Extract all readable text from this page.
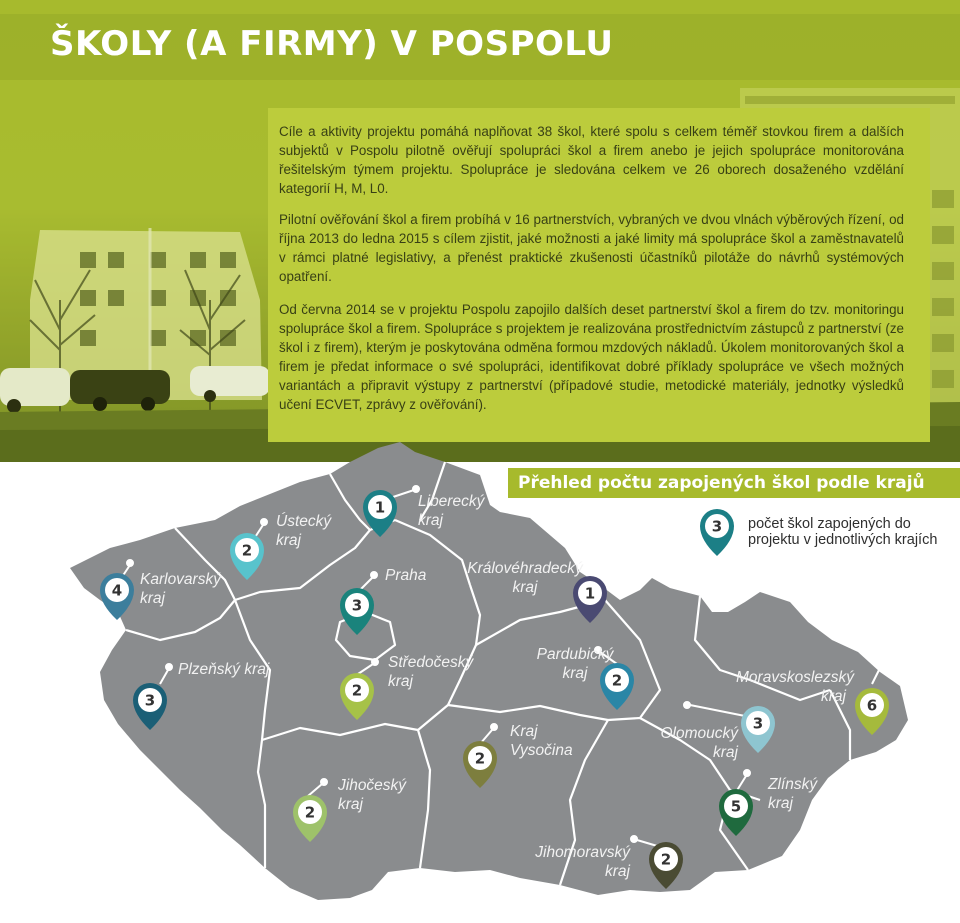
ŠKOLY (A FIRMY) V POSPOLU

Cíle a aktivity projektu pomáhá naplňovat 38 škol, které spolu s celkem téměř stovkou firem a dalších subjektů v Pospolu pilotně ověřují spolupráci škol a firem anebo je jejich spolupráce monitorována řešitelským týmem projektu. Spolupráce je sledována celkem ve 26 oborech dosaženého vzdělání kategorií H, M, L0.

Pilotní ověřování škol a firem probíhá v 16 partnerstvích, vybraných ve dvou vlnách výběrových řízení, od října 2013 do ledna 2015 s cílem zjistit, jaké možnosti a jaké limity má spolupráce škol a zaměstnavatelů v rámci platné legislativy, a přenést praktické zkušenosti účastníků pilotáže do návrhů systémových opatření.

Od června 2014 se v projektu Pospolu zapojilo dalších deset partnerství škol a firem do tzv. monitoringu spolupráce škol a firem. Spolupráce s projektem je realizována prostřednictvím zástupců z partnerství (ze škol i z firem), kterým je poskytována odměna formou mzdových nákladů. Úkolem monitorovaných škol a firem je předat informace o své spolupráci, identifikovat dobré příklady spolupráce ve všech možných variantách a připravit výstupy z partnerství (případové studie, metodické materiály, jednotky výsledků učení ECVET, zprávy z ověřování).

4
2
1
3
1
3
2
2
6
3
2
2	5
2
Přehled počtu zapojených škol podle krajů
3 počet škol zapojených do projektu v jednotlivých krajích
Karlovarský
kraj
Ústecký
kraj
Liberecký
kraj
Praha	Královéhradecký
kraj
Plzeňský kraj	Středočeský
kraj
Pardubický
kraj	Moravskoslezský
kraj
Olomoucký
kraj
Kraj
Vysočina
Jihočeský
kraj
Zlínský
kraj
Jihomoravský
kraj
